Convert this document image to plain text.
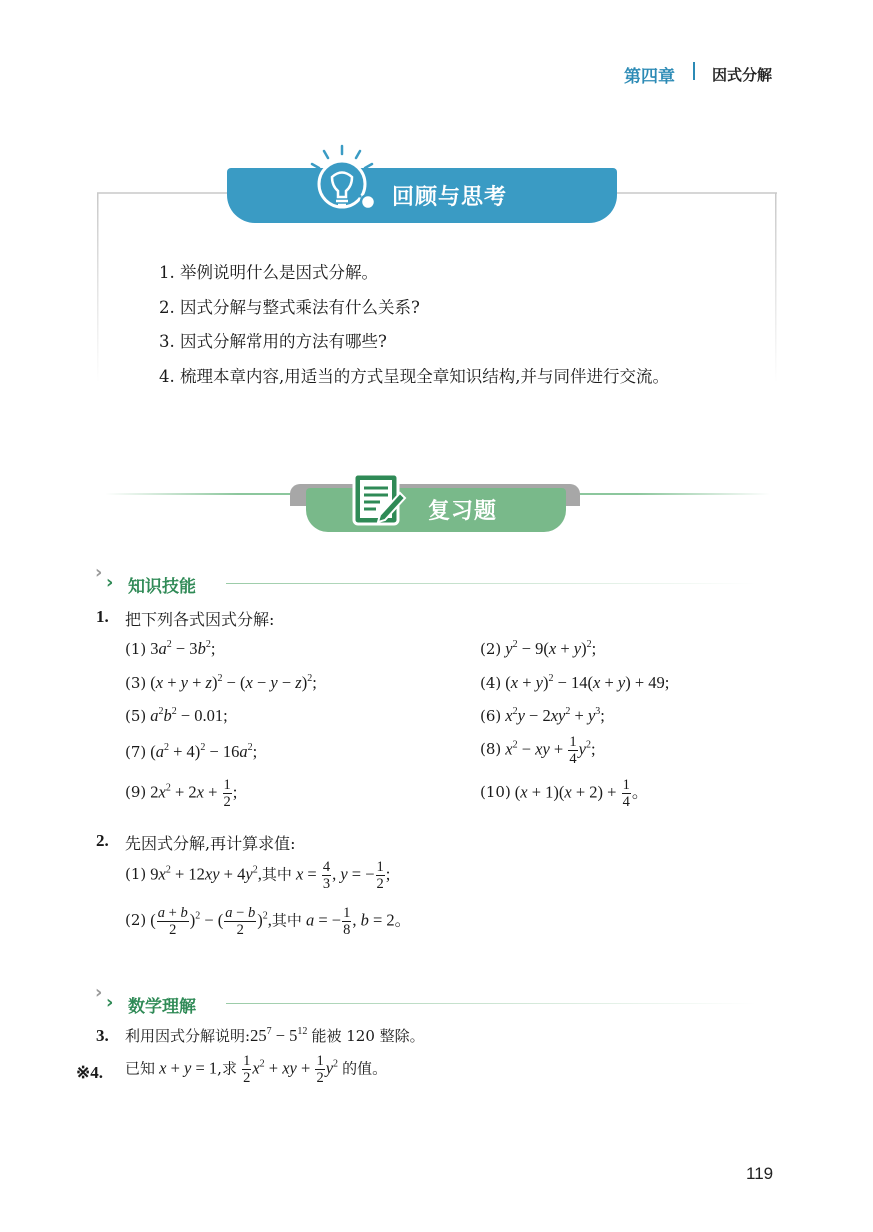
第四章 因式分解
回顾与思考
1. 举例说明什么是因式分解。
2. 因式分解与整式乘法有什么关系?
3. 因式分解常用的方法有哪些?
4. 梳理本章内容,用适当的方式呈现全章知识结构,并与同伴进行交流。
复习题
› › 知识技能
1. 把下列各式因式分解:
(1) $3a^2 - 3b^2$;	(2) $y^2 - 9(x + y)^2$;
(3) $(x + y + z)^2 - (x - y - z)^2$;	(4) $(x + y)^2 - 14(x + y) + 49$;
(5) $a^2b^2 - 0.01$;	(6) $x^2y - 2xy^2 + y^3$;
(7) $(a^2 + 4)^2 - 16a^2$;	(8) $x^2$ − xy + $\frac{1}{4} y^2$;
(9) $2x^2 + 2x + \frac{1}{2}$ ;	(10) $(x + 1)(x + 2) + \frac{1}{4}$ 。
2. 先因式分解,再计算求值:
(1) $9x^2 + 12xy + 4y^2$,其中 $x = \frac{4}{3}$ , y = − $\frac{1}{2}$ ;
(2) ( $\frac{a + b}{2} )^2$ − ( $\frac{a - b}{2} )^2$,其中 a = − $\frac{1}{8}$ , b = 2。
› › 数学理解
3. 利用因式分解说明$:25^7 - 5^{12}$ 能被 120 整除。
※4. 已知 x + y = 1,求 $\frac{1}{2} x^2$ + xy + $\frac{1}{2} y^2$ 的值。
119
